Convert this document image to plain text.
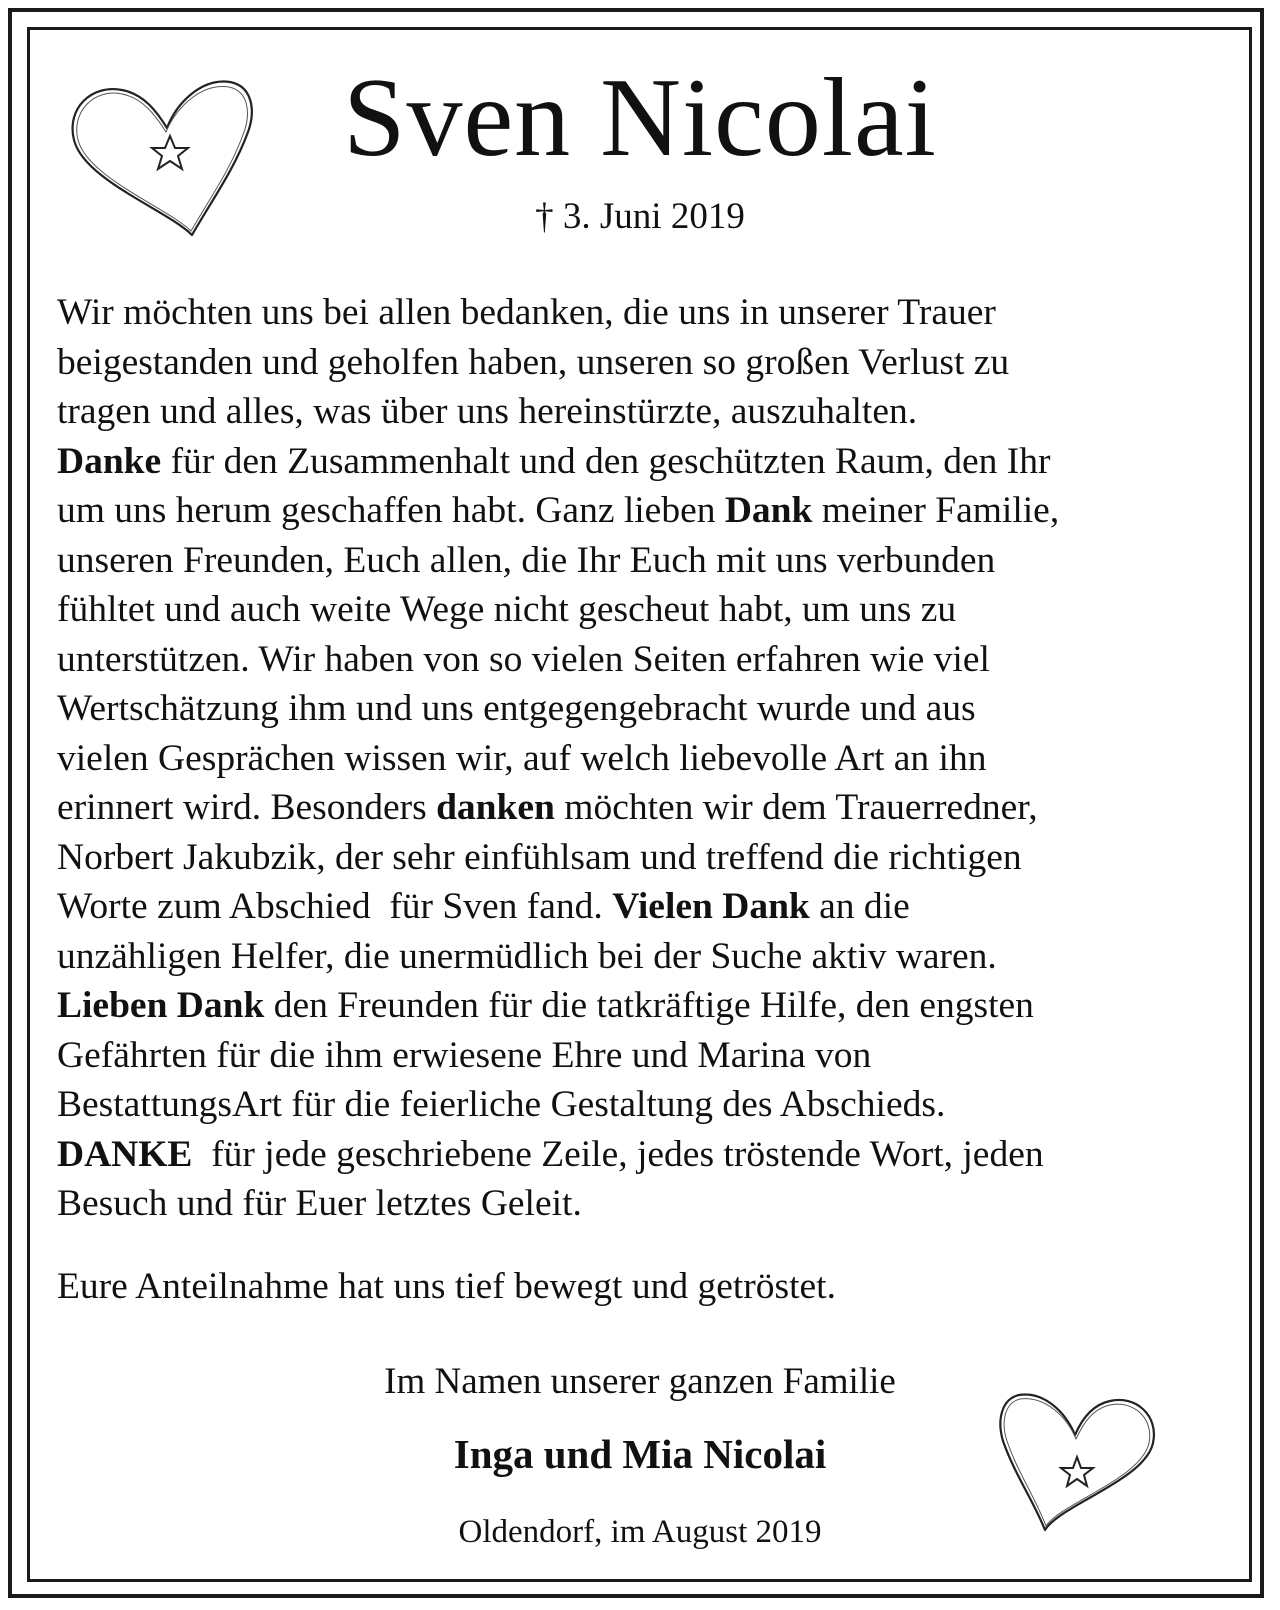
Sven Nicolai
† 3. Juni 2019
Wir möchten uns bei allen bedanken, die uns in unserer Trauer
beigestanden und geholfen haben, unseren so großen Verlust zu
tragen und alles, was über uns hereinstürzte, auszuhalten.
Danke für den Zusammenhalt und den geschützten Raum, den Ihr
um uns herum geschaffen habt. Ganz lieben Dank meiner Familie,
unseren Freunden, Euch allen, die Ihr Euch mit uns verbunden
fühltet und auch weite Wege nicht gescheut habt, um uns zu
unterstützen. Wir haben von so vielen Seiten erfahren wie viel
Wertschätzung ihm und uns entgegengebracht wurde und aus
vielen Gesprächen wissen wir, auf welch liebevolle Art an ihn
erinnert wird. Besonders danken möchten wir dem Trauerredner,
Norbert Jakubzik, der sehr einfühlsam und treffend die richtigen
Worte zum Abschied  für Sven fand. Vielen Dank an die
unzähligen Helfer, die unermüdlich bei der Suche aktiv waren.
Lieben Dank den Freunden für die tatkräftige Hilfe, den engsten
Gefährten für die ihm erwiesene Ehre und Marina von
BestattungsArt für die feierliche Gestaltung des Abschieds.
DANKE  für jede geschriebene Zeile, jedes tröstende Wort, jeden
Besuch und für Euer letztes Geleit.
Eure Anteilnahme hat uns tief bewegt und getröstet.
Im Namen unserer ganzen Familie
Inga und Mia Nicolai
Oldendorf, im August 2019
